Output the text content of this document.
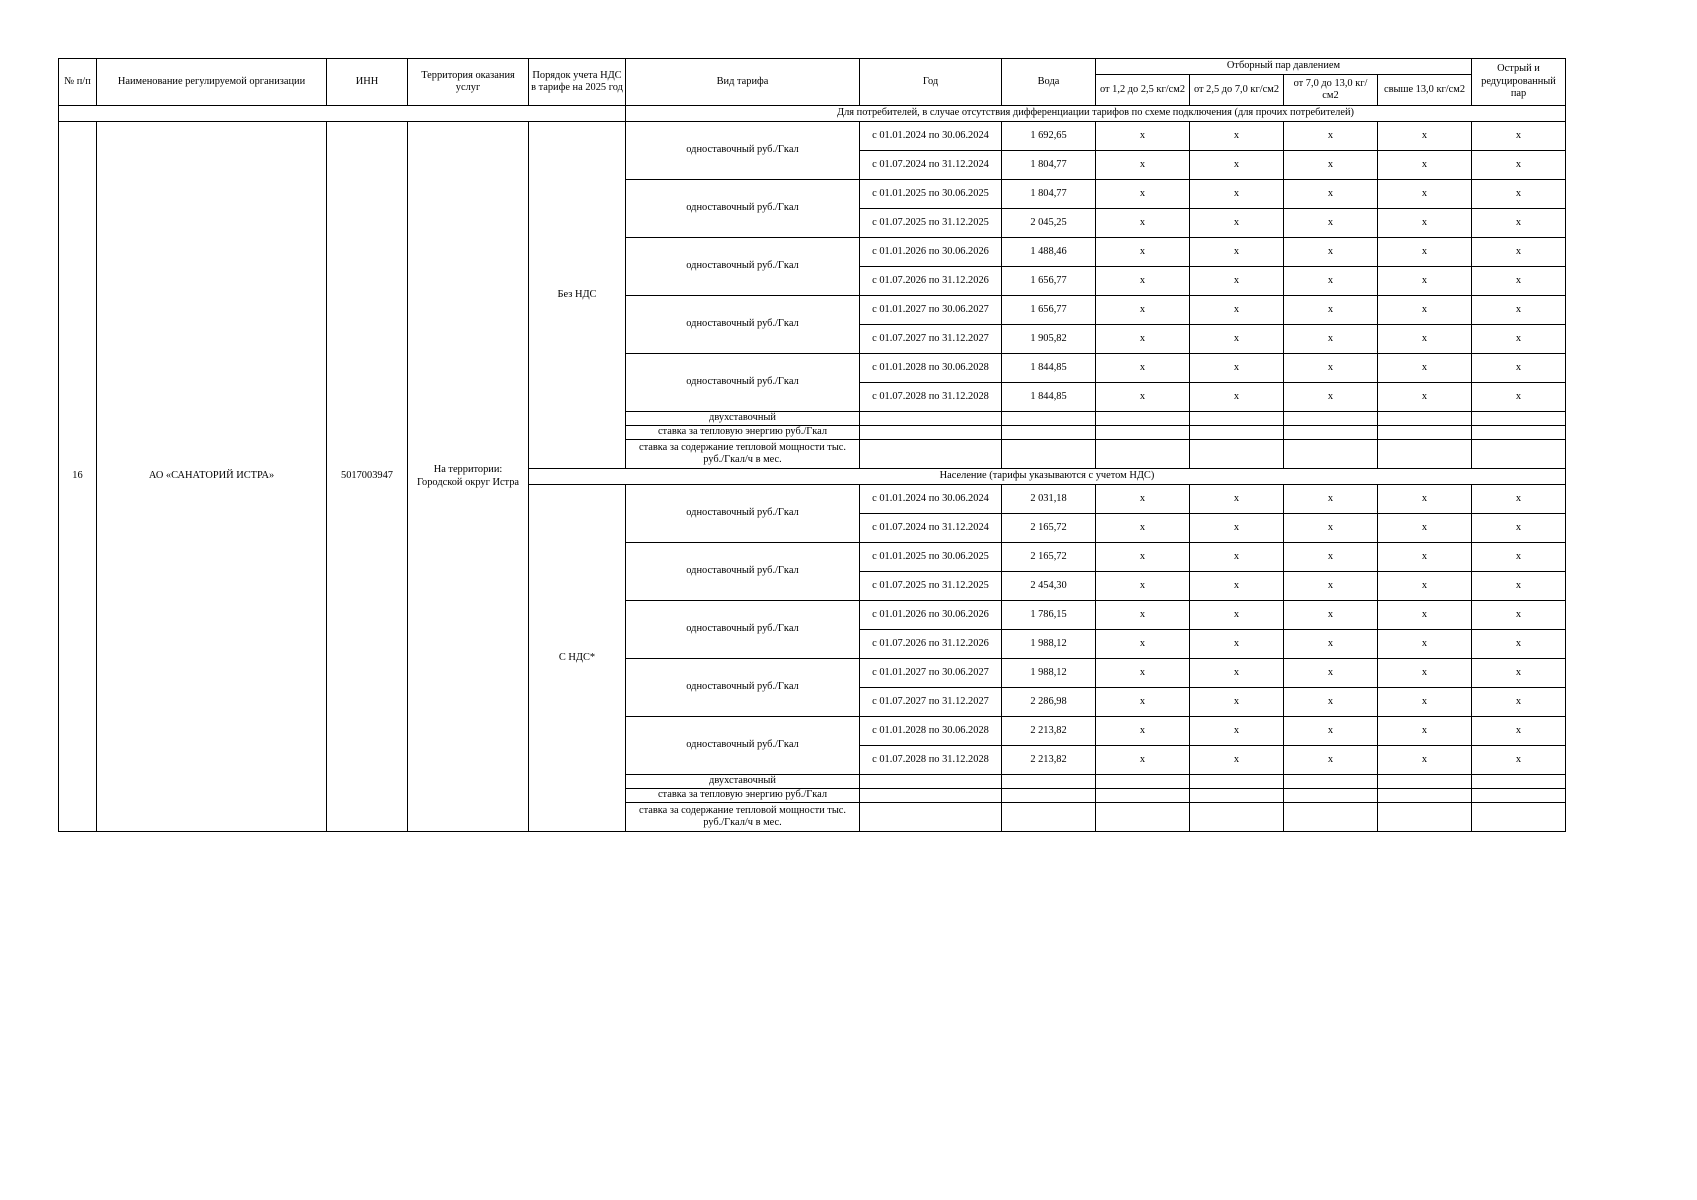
№ п/п	Наименование регулируемой организации	ИНН	Территория оказания услуг	Порядок учета НДС в тарифе на 2025 год	Вид тарифа	Год	Вода	Отборный пар давлением				Острый и редуцированный пар
								от 1,2 до 2,5 кг/см2	от 2,5 до 7,0 кг/см2	от 7,0 до 13,0 кг/см2	свыше 13,0 кг/см2	
					Для потребителей, в случае отсутствия дифференциации тарифов по схеме подключения (для прочих потребителей)							
16	АО «САНАТОРИЙ ИСТРА»	5017003947	На территории: Городской округ Истра	Без НДС	одноставочный руб./Гкал	с 01.01.2024 по 30.06.2024	1 692,65	х	х	х	х	х
						с 01.07.2024 по 31.12.2024	1 804,77	х	х	х	х	х
					одноставочный руб./Гкал	с 01.01.2025 по 30.06.2025	1 804,77	х	х	х	х	х
						с 01.07.2025 по 31.12.2025	2 045,25	х	х	х	х	х
					одноставочный руб./Гкал	с 01.01.2026 по 30.06.2026	1 488,46	х	х	х	х	х
						с 01.07.2026 по 31.12.2026	1 656,77	х	х	х	х	х
					одноставочный руб./Гкал	с 01.01.2027 по 30.06.2027	1 656,77	х	х	х	х	х
						с 01.07.2027 по 31.12.2027	1 905,82	х	х	х	х	х
					одноставочный руб./Гкал	с 01.01.2028 по 30.06.2028	1 844,85	х	х	х	х	х
						с 01.07.2028 по 31.12.2028	1 844,85	х	х	х	х	х
					двухставочный							
					ставка за тепловую энергию руб./Гкал							
					ставка за содержание тепловой мощности тыс. руб./Гкал/ч в мес.							
				Население (тарифы указываются с учетом НДС)								
				С НДС*	одноставочный руб./Гкал	с 01.01.2024 по 30.06.2024	2 031,18	х	х	х	х	х
						с 01.07.2024 по 31.12.2024	2 165,72	х	х	х	х	х
					одноставочный руб./Гкал	с 01.01.2025 по 30.06.2025	2 165,72	х	х	х	х	х
						с 01.07.2025 по 31.12.2025	2 454,30	х	х	х	х	х
					одноставочный руб./Гкал	с 01.01.2026 по 30.06.2026	1 786,15	х	х	х	х	х
						с 01.07.2026 по 31.12.2026	1 988,12	х	х	х	х	х
					одноставочный руб./Гкал	с 01.01.2027 по 30.06.2027	1 988,12	х	х	х	х	х
						с 01.07.2027 по 31.12.2027	2 286,98	х	х	х	х	х
					одноставочный руб./Гкал	с 01.01.2028 по 30.06.2028	2 213,82	х	х	х	х	х
						с 01.07.2028 по 31.12.2028	2 213,82	х	х	х	х	х
					двухставочный							
					ставка за тепловую энергию руб./Гкал							
					ставка за содержание тепловой мощности тыс. руб./Гкал/ч в мес.							
